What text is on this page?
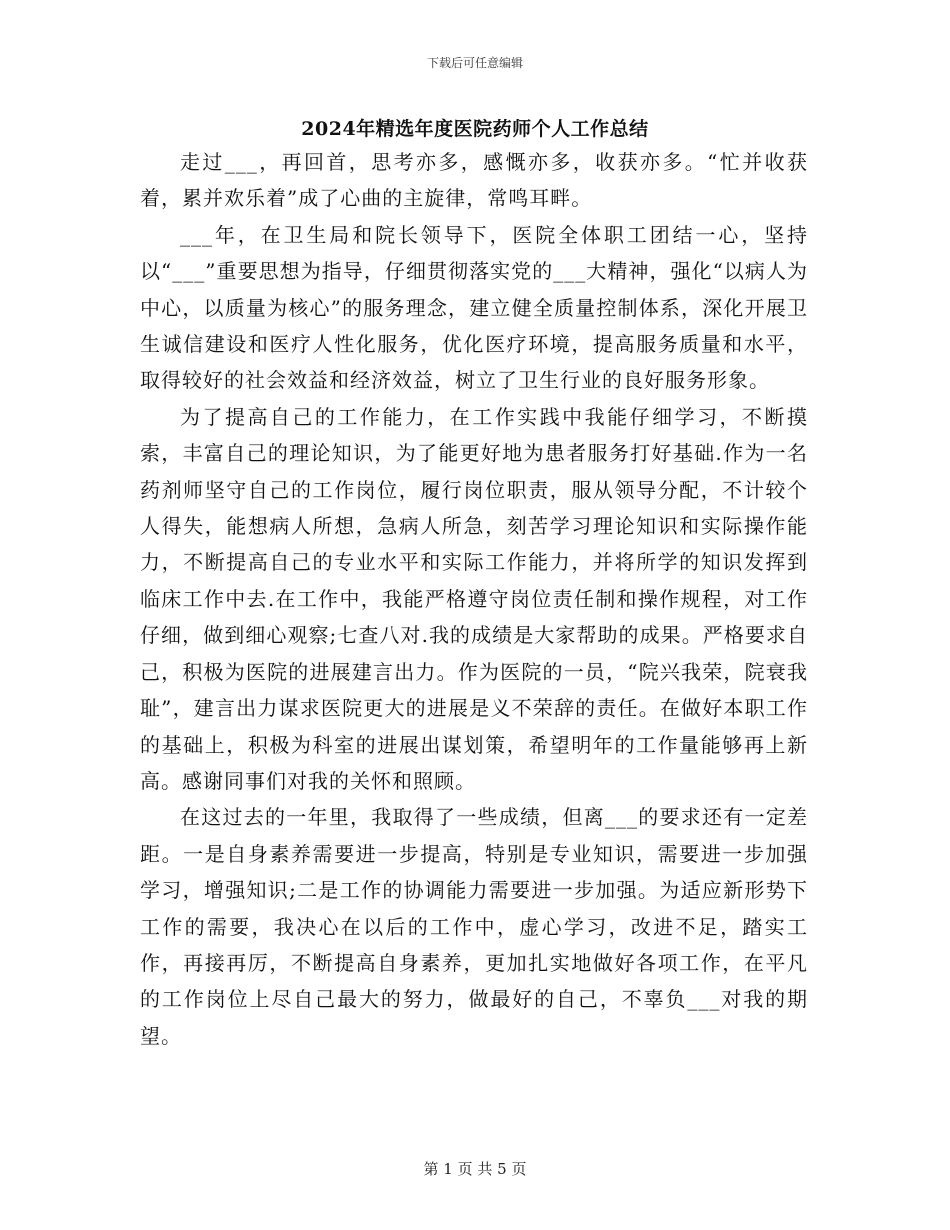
下载后可任意编辑
2024年精选年度医院药师个人工作总结

走过___，再回首，思考亦多，感慨亦多，收获亦多。“忙并收获着，累并欢乐着”成了心曲的主旋律，常鸣耳畔。

___年，在卫生局和院长领导下，医院全体职工团结一心，坚持以“___”重要思想为指导，仔细贯彻落实党的___大精神，强化“以病人为中心，以质量为核心”的服务理念，建立健全质量控制体系，深化开展卫生诚信建设和医疗人性化服务，优化医疗环境，提高服务质量和水平，取得较好的社会效益和经济效益，树立了卫生行业的良好服务形象。

为了提高自己的工作能力，在工作实践中我能仔细学习，不断摸索，丰富自己的理论知识，为了能更好地为患者服务打好基础.作为一名药剂师坚守自己的工作岗位，履行岗位职责，服从领导分配，不计较个人得失，能想病人所想，急病人所急，刻苦学习理论知识和实际操作能力，不断提高自己的专业水平和实际工作能力，并将所学的知识发挥到临床工作中去.在工作中，我能严格遵守岗位责任制和操作规程，对工作仔细，做到细心观察;七查八对.我的成绩是大家帮助的成果。严格要求自己，积极为医院的进展建言出力。作为医院的一员，“院兴我荣，院衰我耻”，建言出力谋求医院更大的进展是义不荣辞的责任。在做好本职工作的基础上，积极为科室的进展出谋划策，希望明年的工作量能够再上新高。感谢同事们对我的关怀和照顾。

在这过去的一年里，我取得了一些成绩，但离___的要求还有一定差距。一是自身素养需要进一步提高，特别是专业知识，需要进一步加强学习，增强知识;二是工作的协调能力需要进一步加强。为适应新形势下工作的需要，我决心在以后的工作中，虚心学习，改进不足，踏实工作，再接再厉，不断提高自身素养，更加扎实地做好各项工作，在平凡的工作岗位上尽自己最大的努力，做最好的自己，不辜负___对我的期望。

第 1 页 共 5 页
